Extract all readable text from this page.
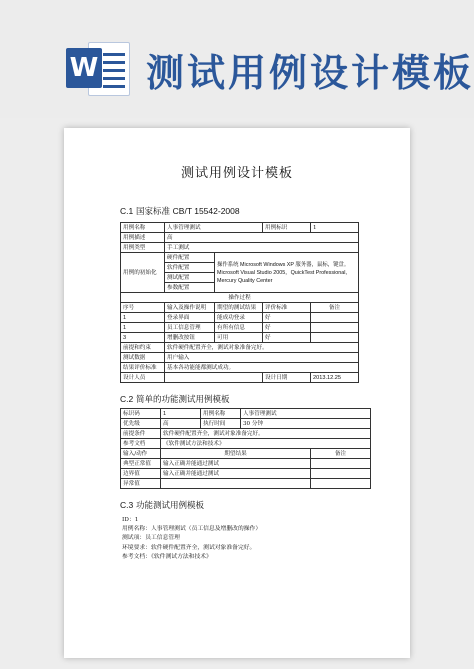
W 测试用例设计模板
测试用例设计模板
C.1 国家标准 CB/T 15542-2008
用例名称	人事管理测试		用例标识	1
用例描述	高			
用例类型	手工测试			
用例的初始化	硬件配置	操作系统 Microsoft Windows XP 服务器，鼠标，键盘。Microsoft Visual Studio 2005，QuickTest Professional，Mercury Quality Center		
	软件配置			
	测试配置			
	参数配置			
操作过程				
序号	输入及操作说明	期望的测试结果	评价标准	备注
1	登录界面	能成功登录	好	
1	员工信息管理	有所有信息	好	
3	增删改按钮	可用	好	
前提和约束	软件硬件配置齐全，测试对象准备完好。			
测试数据	用户输入			
结果评价标准	基本各功能能都测试成功。			
设计人员			设计日期	2013.12.25
C.2 简单的功能测试用例模板
标识码	1	用例名称	人事管理测试	
优先级	高	执行时间	30 分钟	
前提条件	软件硬件配置齐全，测试对象准备完好。			
参考文档	《软件测试方法和技术》			
输入/动作	期望结果			备注
典型正常值	输入正确并能通过测试			
边界值	输入正确并能通过测试			
异常值				
C.3 功能测试用例模板
ID：1
用例名称：人事管理测试（员工信息及增删改的操作）
测试项：员工信息管理
环境要求：软件硬件配置齐全，测试对象准备完好。
参考文档：《软件测试方法和技术》
